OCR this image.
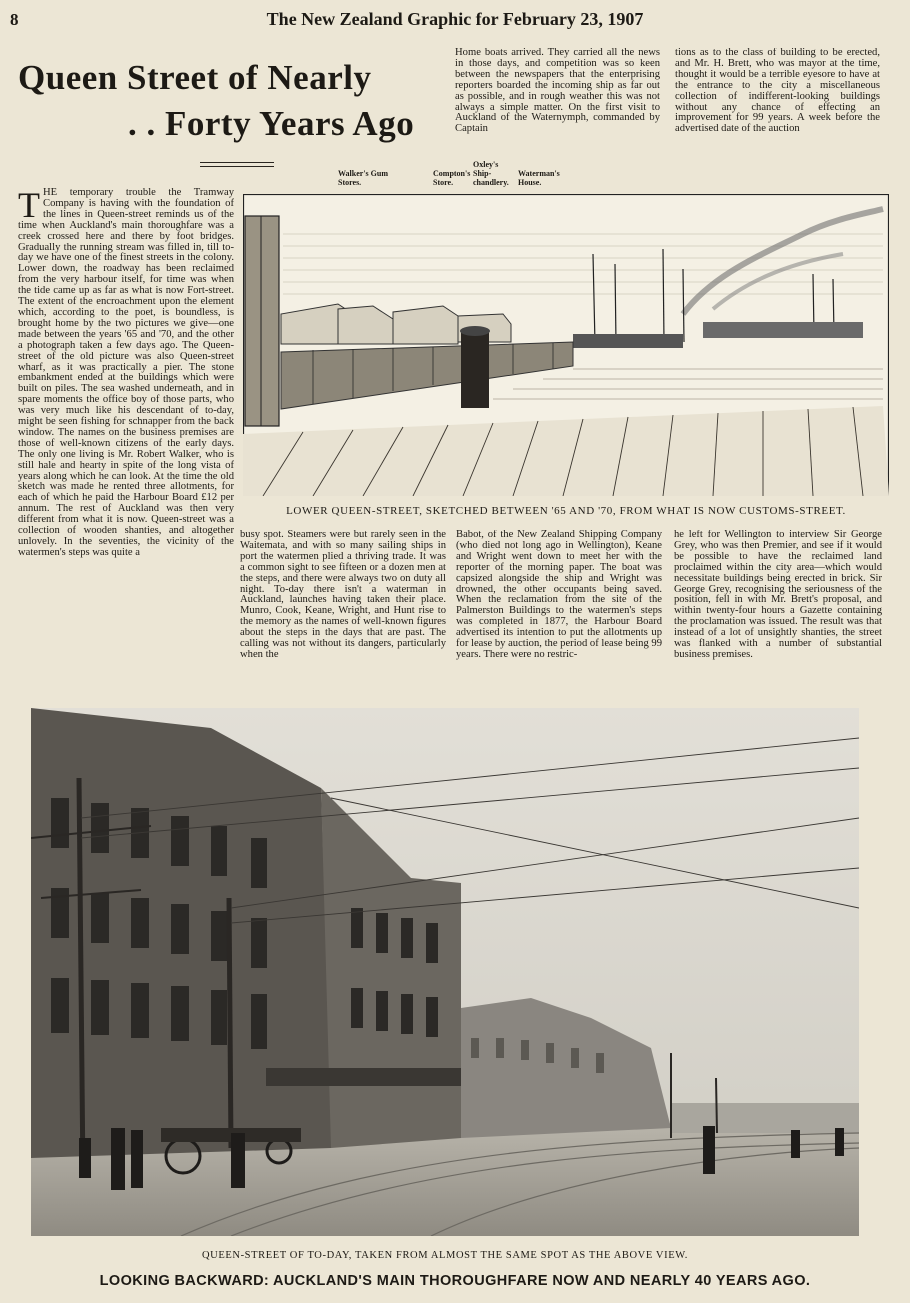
8	The New Zealand Graphic for February 23, 1907
Queen Street of Nearly
. . Forty Years Ago
THE temporary trouble the Tramway Company is having with the foundation of the lines in Queen-street reminds us of the time when Auckland's main thoroughfare was a creek crossed here and there by foot bridges. Gradually the running stream was filled in, till to-day we have one of the finest streets in the colony. Lower down, the roadway has been reclaimed from the very harbour itself, for time was when the tide came up as far as what is now Fort-street. The extent of the encroachment upon the element which, according to the poet, is boundless, is brought home by the two pictures we give—one made between the years '65 and '70, and the other a photograph taken a few days ago. The Queen-street of the old picture was also Queen-street wharf, as it was practically a pier. The stone embankment ended at the buildings which were built on piles. The sea washed underneath, and in spare moments the office boy of those parts, who was very much like his descendant of to-day, might be seen fishing for schnapper from the back window. The names on the business premises are those of well-known citizens of the early days. The only one living is Mr. Robert Walker, who is still hale and hearty in spite of the long vista of years along which he can look. At the time the old sketch was made he rented three allotments, for each of which he paid the Harbour Board £12 per annum. The rest of Auckland was then very different from what it is now. Queen-street was a collection of wooden shanties, and altogether unlovely. In the seventies, the vicinity of the watermen's steps was quite a
Home boats arrived. They carried all the news in those days, and competition was so keen between the newspapers that the enterprising reporters boarded the incoming ship as far out as possible, and in rough weather this was not always a simple matter. On the first visit to Auckland of the Waternymph, commanded by Captain
tions as to the class of building to be erected, and Mr. H. Brett, who was mayor at the time, thought it would be a terrible eyesore to have at the entrance to the city a miscellaneous collection of indifferent-looking buildings without any chance of effecting an improvement for 99 years. A week before the advertised date of the auction
Walker's Gum Stores.
Compton's Store.
Oxley's Ship-chandlery.
Waterman's House.
LOWER QUEEN-STREET, SKETCHED BETWEEN '65 AND '70, FROM WHAT IS NOW CUSTOMS-STREET.
busy spot. Steamers were but rarely seen in the Waitemata, and with so many sailing ships in port the watermen plied a thriving trade. It was a common sight to see fifteen or a dozen men at the steps, and there were always two on duty all night. To-day there isn't a waterman in Auckland, launches having taken their place. Munro, Cook, Keane, Wright, and Hunt rise to the memory as the names of well-known figures about the steps in the days that are past. The calling was not without its dangers, particularly when the
Babot, of the New Zealand Shipping Company (who died not long ago in Wellington), Keane and Wright went down to meet her with the reporter of the morning paper. The boat was capsized alongside the ship and Wright was drowned, the other occupants being saved. When the reclamation from the site of the Palmerston Buildings to the watermen's steps was completed in 1877, the Harbour Board advertised its intention to put the allotments up for lease by auction, the period of lease being 99 years. There were no restric-
he left for Wellington to interview Sir George Grey, who was then Premier, and see if it would be possible to have the reclaimed land proclaimed within the city area—which would necessitate buildings being erected in brick. Sir George Grey, recognising the seriousness of the position, fell in with Mr. Brett's proposal, and within twenty-four hours a Gazette containing the proclamation was issued. The result was that instead of a lot of unsightly shanties, the street was flanked with a number of substantial business premises.
QUEEN-STREET OF TO-DAY, TAKEN FROM ALMOST THE SAME SPOT AS THE ABOVE VIEW.
LOOKING BACKWARD: AUCKLAND'S MAIN THOROUGHFARE NOW AND NEARLY 40 YEARS AGO.
